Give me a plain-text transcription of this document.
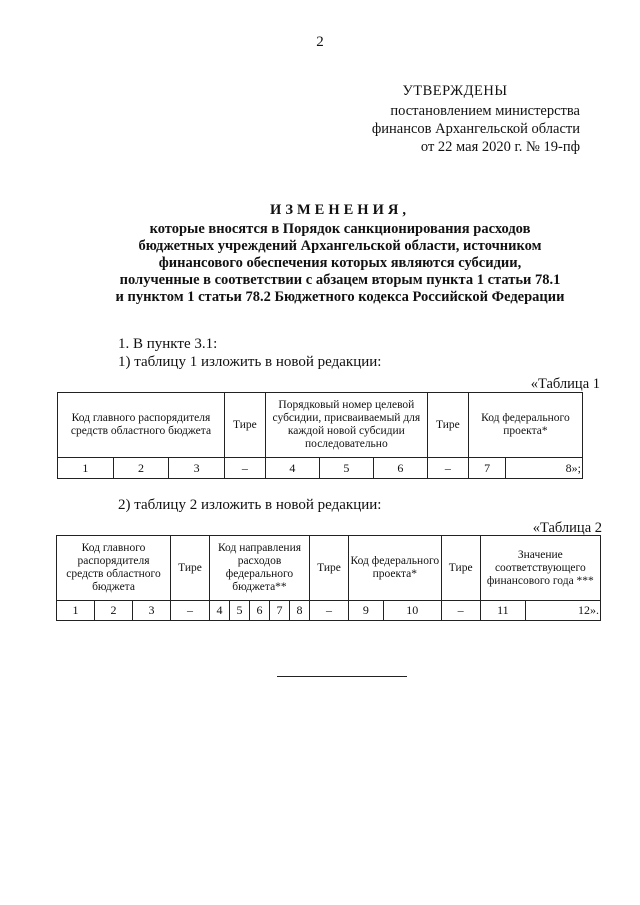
2
УТВЕРЖДЕНЫ
постановлением министерства
финансов Архангельской области
от 22 мая 2020 г. № 19-пф
ИЗМЕНЕНИЯ,
которые вносятся в Порядок санкционирования расходов
бюджетных учреждений Архангельской области, источником
финансового обеспечения которых являются субсидии,
полученные в соответствии с абзацем вторым пункта 1 статьи 78.1
и пунктом 1 статьи 78.2 Бюджетного кодекса Российской Федерации
1. В пункте 3.1:
1) таблицу 1 изложить в новой редакции:
«Таблица 1
Код главного распорядителя средств областного бюджета			Тире	Порядковый номер целевой субсидии, присваиваемый для каждой новой субсидии последовательно			Тире	Код федерального проекта*	
1	2	3	–	4	5	6	–	7	8»;
2) таблицу 2 изложить в новой редакции:
«Таблица 2
Код главного распорядителя средств областного бюджета			Тире	Код направления расходов федерального бюджета**					Тире	Код федерального проекта*		Тире	Значение соответствующего финансового года ***	
1	2	3	–	4	5	6	7	8	–	9	10	–	11	12».
